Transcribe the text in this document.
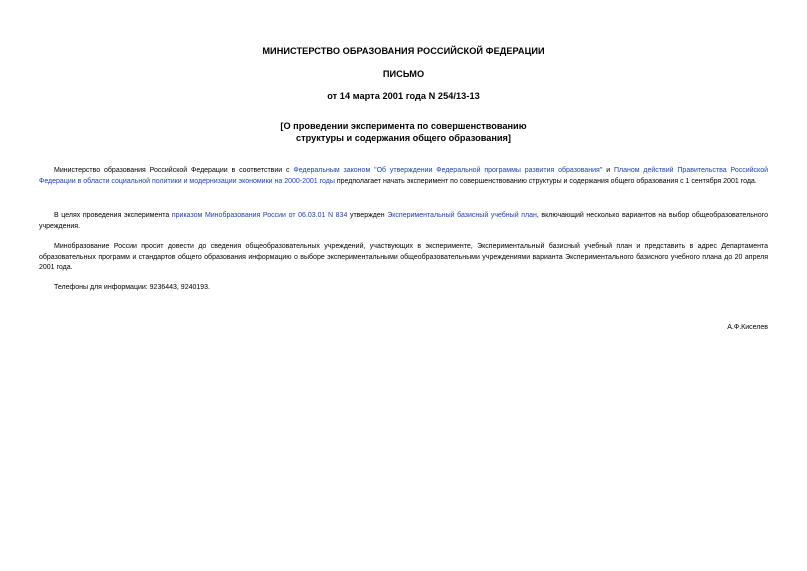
МИНИСТЕРСТВО ОБРАЗОВАНИЯ РОССИЙСКОЙ ФЕДЕРАЦИИ
ПИСЬМО
от 14 марта 2001 года N 254/13-13
[О проведении эксперимента по совершенствованию
структуры и содержания общего образования]
Министерство образования Российской Федерации в соответствии с Федеральным законом "Об утверждении Федеральной программы развития образования" и Планом действий Правительства Российской Федерации в области социальной политики и модернизации экономики на 2000-2001 годы предполагает начать эксперимент по совершенствованию структуры и содержания общего образования с 1 сентября 2001 года.
В целях проведения эксперимента приказом Минобразования России от 06.03.01 N 834 утвержден Экспериментальный базисный учебный план, включающий несколько вариантов на выбор общеобразовательного учреждения.
Минобразование России просит довести до сведения общеобразовательных учреждений, участвующих в эксперименте, Экспериментальный базисный учебный план и представить в адрес Департамента образовательных программ и стандартов общего образования информацию о выборе экспериментальными общеобразовательными учреждениями варианта Экспериментального базисного учебного плана до 20 апреля 2001 года.
Телефоны для информации: 9236443, 9240193.
А.Ф.Киселев
